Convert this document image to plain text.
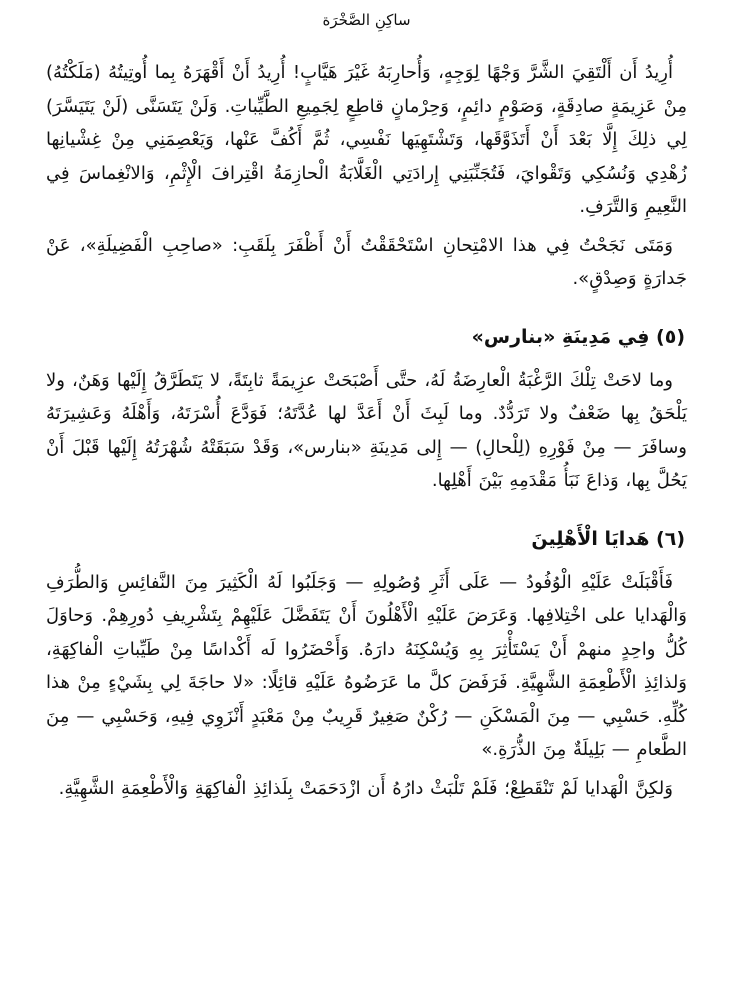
ساكِنِ الصَّخْرَة

أُرِيدُ أَن أَلْتَقِيَ الشَّرَّ وَجْهًا لِوَجِهٍ، وَأُحارِبَهُ غَيْرَ هَيَّابٍ! أُرِيدُ أَنْ أَقْهَرَهُ بِما أُوتِيتُهُ (مَلَكْتُهُ) مِنْ عَزِيمَةٍ صادِقَةٍ، وَصَوْمٍ دائِمٍ، وَحِرْمانٍ قاطِعٍ لِجَمِيعِ الطَّيِّباتِ. وَلَنْ يَتَسَنَّى (لَنْ يَتَيَسَّرَ) لِي ذلِكَ إِلَّا بَعْدَ أَنْ أَتَذَوَّقَها، وَتَشْتَهِيَها نَفْسِي، ثُمَّ أَكُفَّ عَنْها، وَيَعْصِمَنِي مِنْ غِشْيانِها زُهْدِي وَنُسُكِي وَتَقْوايَ، فَتُجَنِّبَنِي إِرادَتِي الْغَلَّابَةُ الْحازِمَةُ اقْتِرافَ الْإِثْمِ، وَالانْغِماسَ فِي النَّعِيمِ وَالتَّرَفِ.

وَمَتَى نَجَحْتُ فِي هذا الامْتِحانِ اسْتَحْقَقْتُ أَنْ أَظْفَرَ بِلَقَبِ: «صاحِبِ الْفَضِيلَةِ»، عَنْ جَدارَةٍ وَصِدْقٍ».

(٥) فِي مَدِينَةِ «بنارس»

وما لاحَتْ تِلْكَ الرَّغْبَةُ الْعارِضَةُ لَهُ، حتَّى أَصْبَحَتْ عزِيمَةً ثابِتَةً، لا يَتَطَرَّقُ إِلَيْها وَهَنٌ، ولا يَلْحَقُ بِها ضَعْفٌ ولا تَرَدُّدٌ. وما لَبِثَ أَنْ أَعَدَّ لها عُدَّتَهُ؛ فَوَدَّعَ أُسْرَتَهُ، وَأَهْلَهُ وَعَشِيرَتَهُ وسافَرَ — مِنْ فَوْرِهِ (لِلْحالِ) — إِلى مَدِينَةِ «بنارس»، وَقَدْ سَبَقَتْهُ شُهْرَتُهُ إِلَيْها قَبْلَ أَنْ يَحُلَّ بِها، وَذاعَ نَبَأُ مَقْدَمِهِ بَيْنَ أَهْلِها.

(٦) هَدايَا الْأَهْلِينَ

فَأَقْبَلَتْ عَلَيْهِ الْوُفُودُ — عَلَى أَثَرِ وُصُولِهِ — وَجَلَبُوا لَهُ الْكَثِيرَ مِنَ النَّفائِسِ وَالطُّرَفِ وَالْهَدايا على اخْتِلافِها. وَعَرَضَ عَلَيْهِ الْأَهْلُونَ أَنْ يَتَفَضَّلَ عَلَيْهِمْ بِتَشْرِيفِ دُورِهِمْ. وَحاوَلَ كُلُّ واحِدٍ منهمْ أَنْ يَسْتَأْثِرَ بِهِ وَيُسْكِنَهُ دارَهُ. وَأَحْضَرُوا لَه أَكْداسًا مِنْ طَيِّباتِ الْفاكِهَةِ، وَلذائِذِ الْأَطْعِمَةِ الشَّهِيَّةِ. فَرَفَضَ كلَّ ما عَرَضُوهُ عَلَيْهِ قائِلًا: «لا حاجَةَ لِي بِشَيْءٍ مِنْ هذا كُلِّهِ. حَسْبِي — مِنَ الْمَسْكَنِ — رُكْنٌ صَغِيرٌ قَرِيبٌ مِنْ مَعْبَدٍ أَنْزَوِي فِيهِ، وَحَسْبِي — مِنَ الطَّعامِ — بَلِيلَةٌ مِنَ الذُّرَةِ.»

وَلكِنَّ الْهَدايا لَمْ تَنْقَطِعْ؛ فَلَمْ تَلْبَثْ دارُهُ أَن ازْدَحَمَتْ بِلَذائِذِ الْفاكِهَةِ وَالْأَطْعِمَةِ الشَّهِيَّةِ.
